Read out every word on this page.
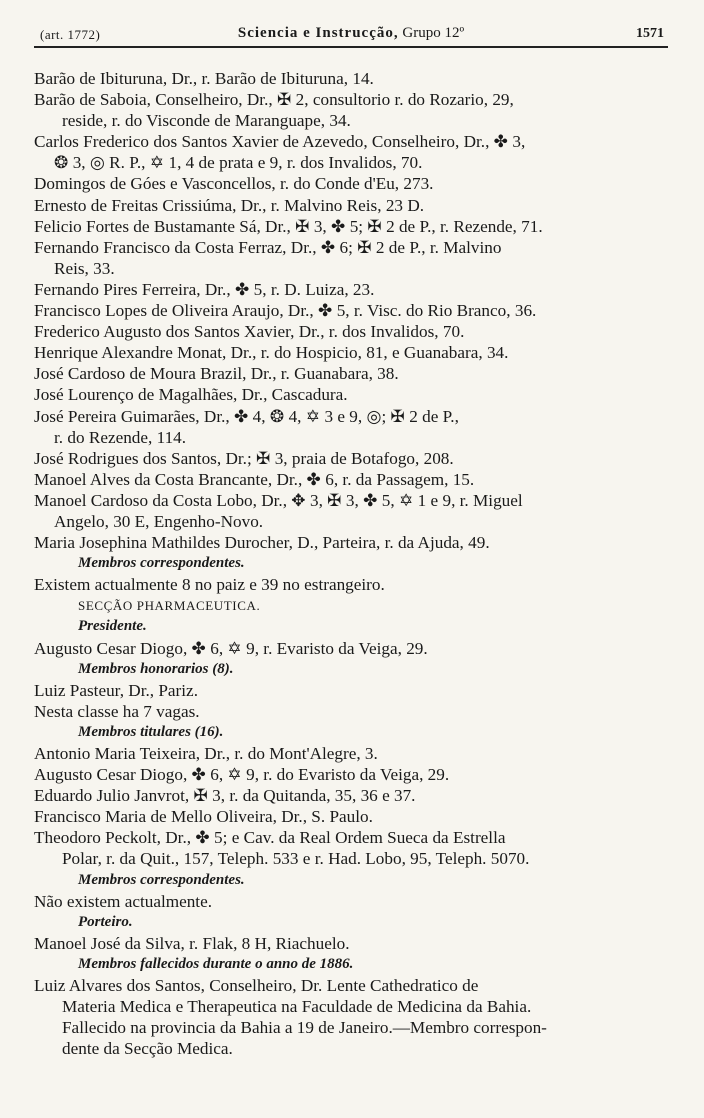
(art. 1772)	Sciencia e Instrucção, Grupo 12º	1571
Barão de Ibituruna, Dr., r. Barão de Ibituruna, 14.
Barão de Saboia, Conselheiro, Dr., ✠ 2, consultorio r. do Rozario, 29,
reside, r. do Visconde de Maranguape, 34.
Carlos Frederico dos Santos Xavier de Azevedo, Conselheiro, Dr., ✤ 3,
❂ 3, ◎ R. P., ✡ 1, 4 de prata e 9, r. dos Invalidos, 70.
Domingos de Góes e Vasconcellos, r. do Conde d'Eu, 273.
Ernesto de Freitas Crissiúma, Dr., r. Malvino Reis, 23 D.
Felicio Fortes de Bustamante Sá, Dr., ✠ 3, ✤ 5; ✠ 2 de P., r. Rezende, 71.
Fernando Francisco da Costa Ferraz, Dr., ✤ 6; ✠ 2 de P., r. Malvino
Reis, 33.
Fernando Pires Ferreira, Dr., ✤ 5, r. D. Luiza, 23.
Francisco Lopes de Oliveira Araujo, Dr., ✤ 5, r. Visc. do Rio Branco, 36.
Frederico Augusto dos Santos Xavier, Dr., r. dos Invalidos, 70.
Henrique Alexandre Monat, Dr., r. do Hospicio, 81, e Guanabara, 34.
José Cardoso de Moura Brazil, Dr., r. Guanabara, 38.
José Lourenço de Magalhães, Dr., Cascadura.
José Pereira Guimarães, Dr., ✤ 4, ❂ 4, ✡ 3 e 9, ◎; ✠ 2 de P.,
r. do Rezende, 114.
José Rodrigues dos Santos, Dr.; ✠ 3, praia de Botafogo, 208.
Manoel Alves da Costa Brancante, Dr., ✤ 6, r. da Passagem, 15.
Manoel Cardoso da Costa Lobo, Dr., ✥ 3, ✠ 3, ✤ 5, ✡ 1 e 9, r. Miguel
Angelo, 30 E, Engenho-Novo.
Maria Josephina Mathildes Durocher, D., Parteira, r. da Ajuda, 49.
Membros correspondentes.
Existem actualmente 8 no paiz e 39 no estrangeiro.
SECÇÃO PHARMACEUTICA.
Presidente.
Augusto Cesar Diogo, ✤ 6, ✡ 9, r. Evaristo da Veiga, 29.
Membros honorarios (8).
Luiz Pasteur, Dr., Pariz.
Nesta classe ha 7 vagas.
Membros titulares (16).
Antonio Maria Teixeira, Dr., r. do Mont'Alegre, 3.
Augusto Cesar Diogo, ✤ 6, ✡ 9, r. do Evaristo da Veiga, 29.
Eduardo Julio Janvrot, ✠ 3, r. da Quitanda, 35, 36 e 37.
Francisco Maria de Mello Oliveira, Dr., S. Paulo.
Theodoro Peckolt, Dr., ✤ 5; e Cav. da Real Ordem Sueca da Estrella
Polar, r. da Quit., 157, Teleph. 533 e r. Had. Lobo, 95, Teleph. 5070.
Membros correspondentes.
Não existem actualmente.
Porteiro.
Manoel José da Silva, r. Flak, 8 H, Riachuelo.
Membros fallecidos durante o anno de 1886.
Luiz Alvares dos Santos, Conselheiro, Dr. Lente Cathedratico de
Materia Medica e Therapeutica na Faculdade de Medicina da Bahia.
Fallecido na provincia da Bahia a 19 de Janeiro.—Membro correspon-
dente da Secção Medica.
